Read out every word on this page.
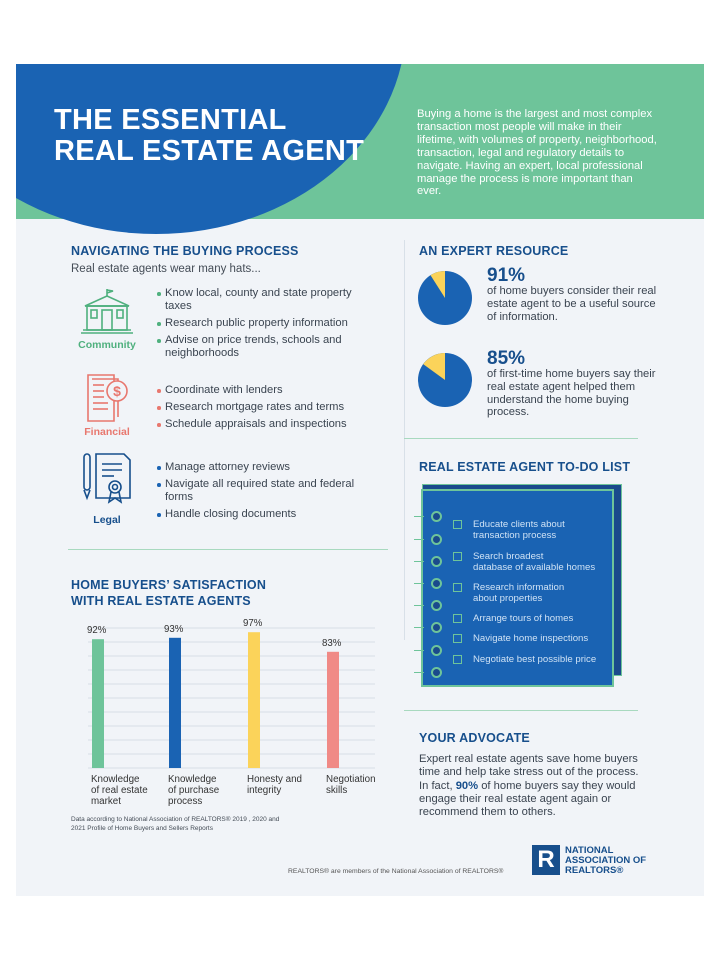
THE ESSENTIAL
REAL ESTATE AGENT
Buying a home is the largest and most complex transaction most people will make in their lifetime, with volumes of property, neighborhood, transaction, legal and regulatory details to navigate. Having an expert, local professional manage the process is more important than ever.
NAVIGATING THE BUYING PROCESS
Real estate agents wear many hats...
Community
Know local, county and state property taxes
Research public property information
Advise on price trends, schools and neighborhoods
$
Financial
Coordinate with lenders
Research mortgage rates and terms
Schedule appraisals and inspections
Legal
Manage attorney reviews
Navigate all required state and federal forms
Handle closing documents
HOME BUYERS’ SATISFACTION
WITH REAL ESTATE AGENTS
Knowledge
of real estate
market
Knowledge
of purchase
process
Honesty and
integrity
Negotiation
skills
Data according to National Association of REALTORS® 2019 , 2020 and
2021 Profile of Home Buyers and Sellers Reports
AN EXPERT RESOURCE
91%
of home buyers consider their real estate agent to be a useful source of information.
85%
of first-time home buyers say their real estate agent helped them understand the home buying process.
REAL ESTATE AGENT TO-DO LIST
Educate clients about
transaction process
Search broadest
database of available homes
Research information
about properties
Arrange tours of homes
Navigate home inspections
Negotiate best possible price
YOUR ADVOCATE
Expert real estate agents save home buyers time and help take stress out of the process. In fact, 90% of home buyers say they would engage their real estate agent again or recommend them to others.
REALTORS® are members of the National Association of REALTORS® R	NATIONAL
ASSOCIATION OF
REALTORS®
92%	93%
97%
83%
